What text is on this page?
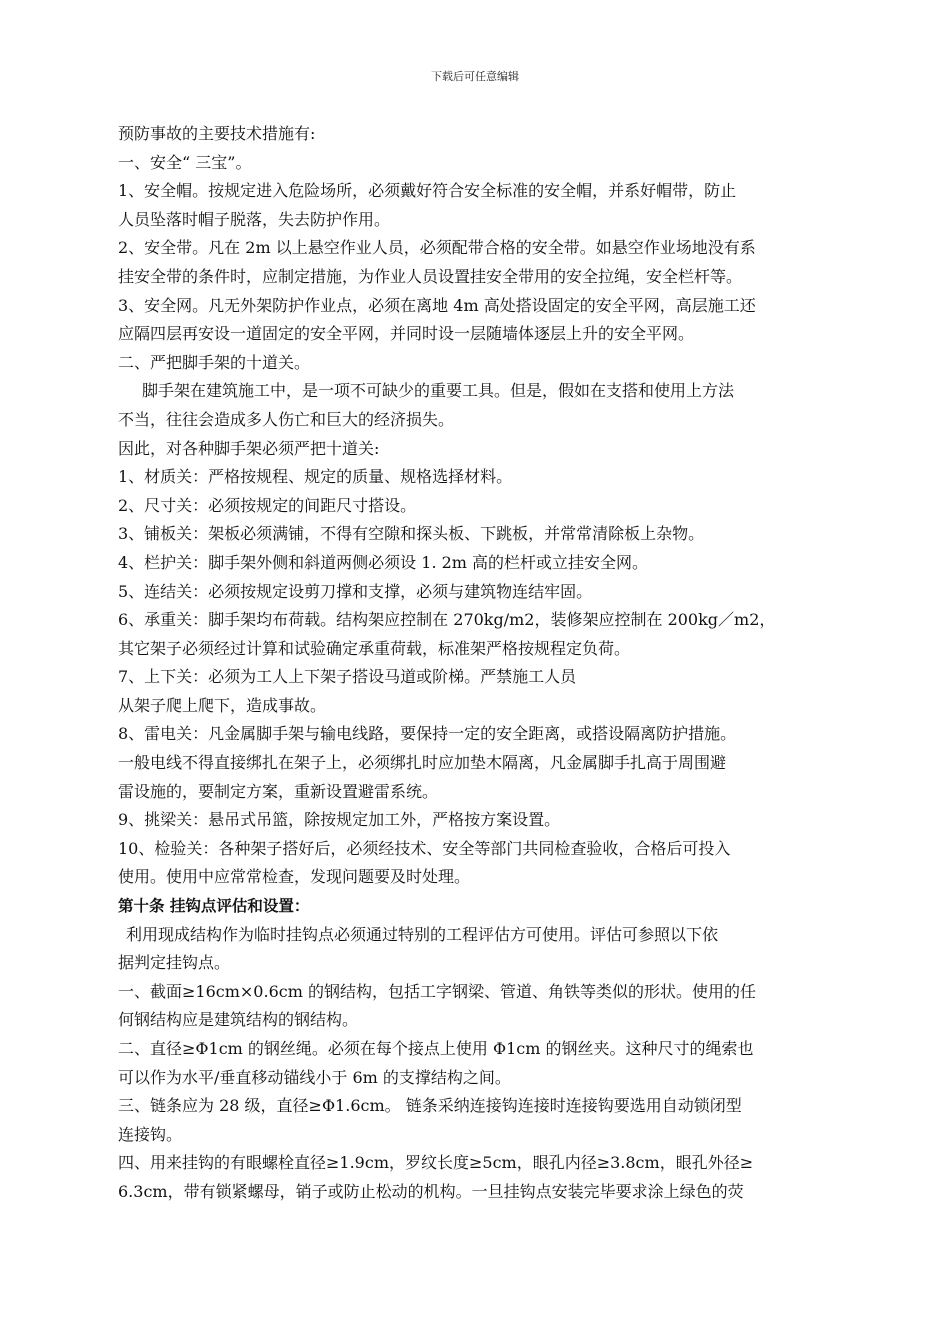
下载后可任意编辑
预防事故的主要技术措施有:
一、安全“ 三宝”。
1、安全帽。按规定进入危险场所，必须戴好符合安全标准的安全帽，并系好帽带，防止
人员坠落时帽子脱落，失去防护作用。
2、安全带。凡在 2m 以上悬空作业人员，必须配带合格的安全带。如悬空作业场地没有系
挂安全带的条件时，应制定措施，为作业人员设置挂安全带用的安全拉绳，安全栏杆等。
3、安全网。凡无外架防护作业点，必须在离地 4m 高处搭设固定的安全平网，高层施工还
应隔四层再安设一道固定的安全平网，并同时设一层随墙体逐层上升的安全平网。
二、严把脚手架的十道关。
脚手架在建筑施工中，是一项不可缺少的重要工具。但是，假如在支搭和使用上方法
不当，往往会造成多人伤亡和巨大的经济损失。
因此，对各种脚手架必须严把十道关:
1、材质关：严格按规程、规定的质量、规格选择材料。
2、尺寸关：必须按规定的间距尺寸搭设。
3、铺板关：架板必须满铺，不得有空隙和探头板、下跳板，并常常清除板上杂物。
4、栏护关：脚手架外侧和斜道两侧必须设 1. 2m 高的栏杆或立挂安全网。
5、连结关：必须按规定设剪刀撑和支撑，必须与建筑物连结牢固。
6、承重关：脚手架均布荷载。结构架应控制在 270kg/m2，装修架应控制在 200kg／m2，
其它架子必须经过计算和试验确定承重荷载，标准架严格按规程定负荷。
7、上下关：必须为工人上下架子搭设马道或阶梯。严禁施工人员
从架子爬上爬下，造成事故。
8、雷电关：凡金属脚手架与输电线路，要保持一定的安全距离，或搭设隔离防护措施。
一般电线不得直接绑扎在架子上，必须绑扎时应加垫木隔离，凡金属脚手扎高于周围避
雷设施的，要制定方案，重新设置避雷系统。
9、挑梁关：悬吊式吊篮，除按规定加工外，严格按方案设置。
10、检验关：各种架子搭好后，必须经技术、安全等部门共同检查验收，合格后可投入
使用。使用中应常常检查，发现问题要及时处理。
第十条 挂钩点评估和设置：
利用现成结构作为临时挂钩点必须通过特别的工程评估方可使用。评估可参照以下依
据判定挂钩点。
一、截面≥16cm×0.6cm 的钢结构，包括工字钢梁、管道、角铁等类似的形状。使用的任
何钢结构应是建筑结构的钢结构。
二、直径≥Φ1cm 的钢丝绳。必须在每个接点上使用 Φ1cm 的钢丝夹。这种尺寸的绳索也
可以作为水平/垂直移动锚线小于 6m 的支撑结构之间。
三、链条应为 28 级，直径≥Φ1.6cm。 链条采纳连接钩连接时连接钩要选用自动锁闭型
连接钩。
四、用来挂钩的有眼螺栓直径≥1.9cm，罗纹长度≥5cm，眼孔内径≥3.8cm，眼孔外径≥
6.3cm，带有锁紧螺母，销子或防止松动的机构。一旦挂钩点安装完毕要求涂上绿色的荧
